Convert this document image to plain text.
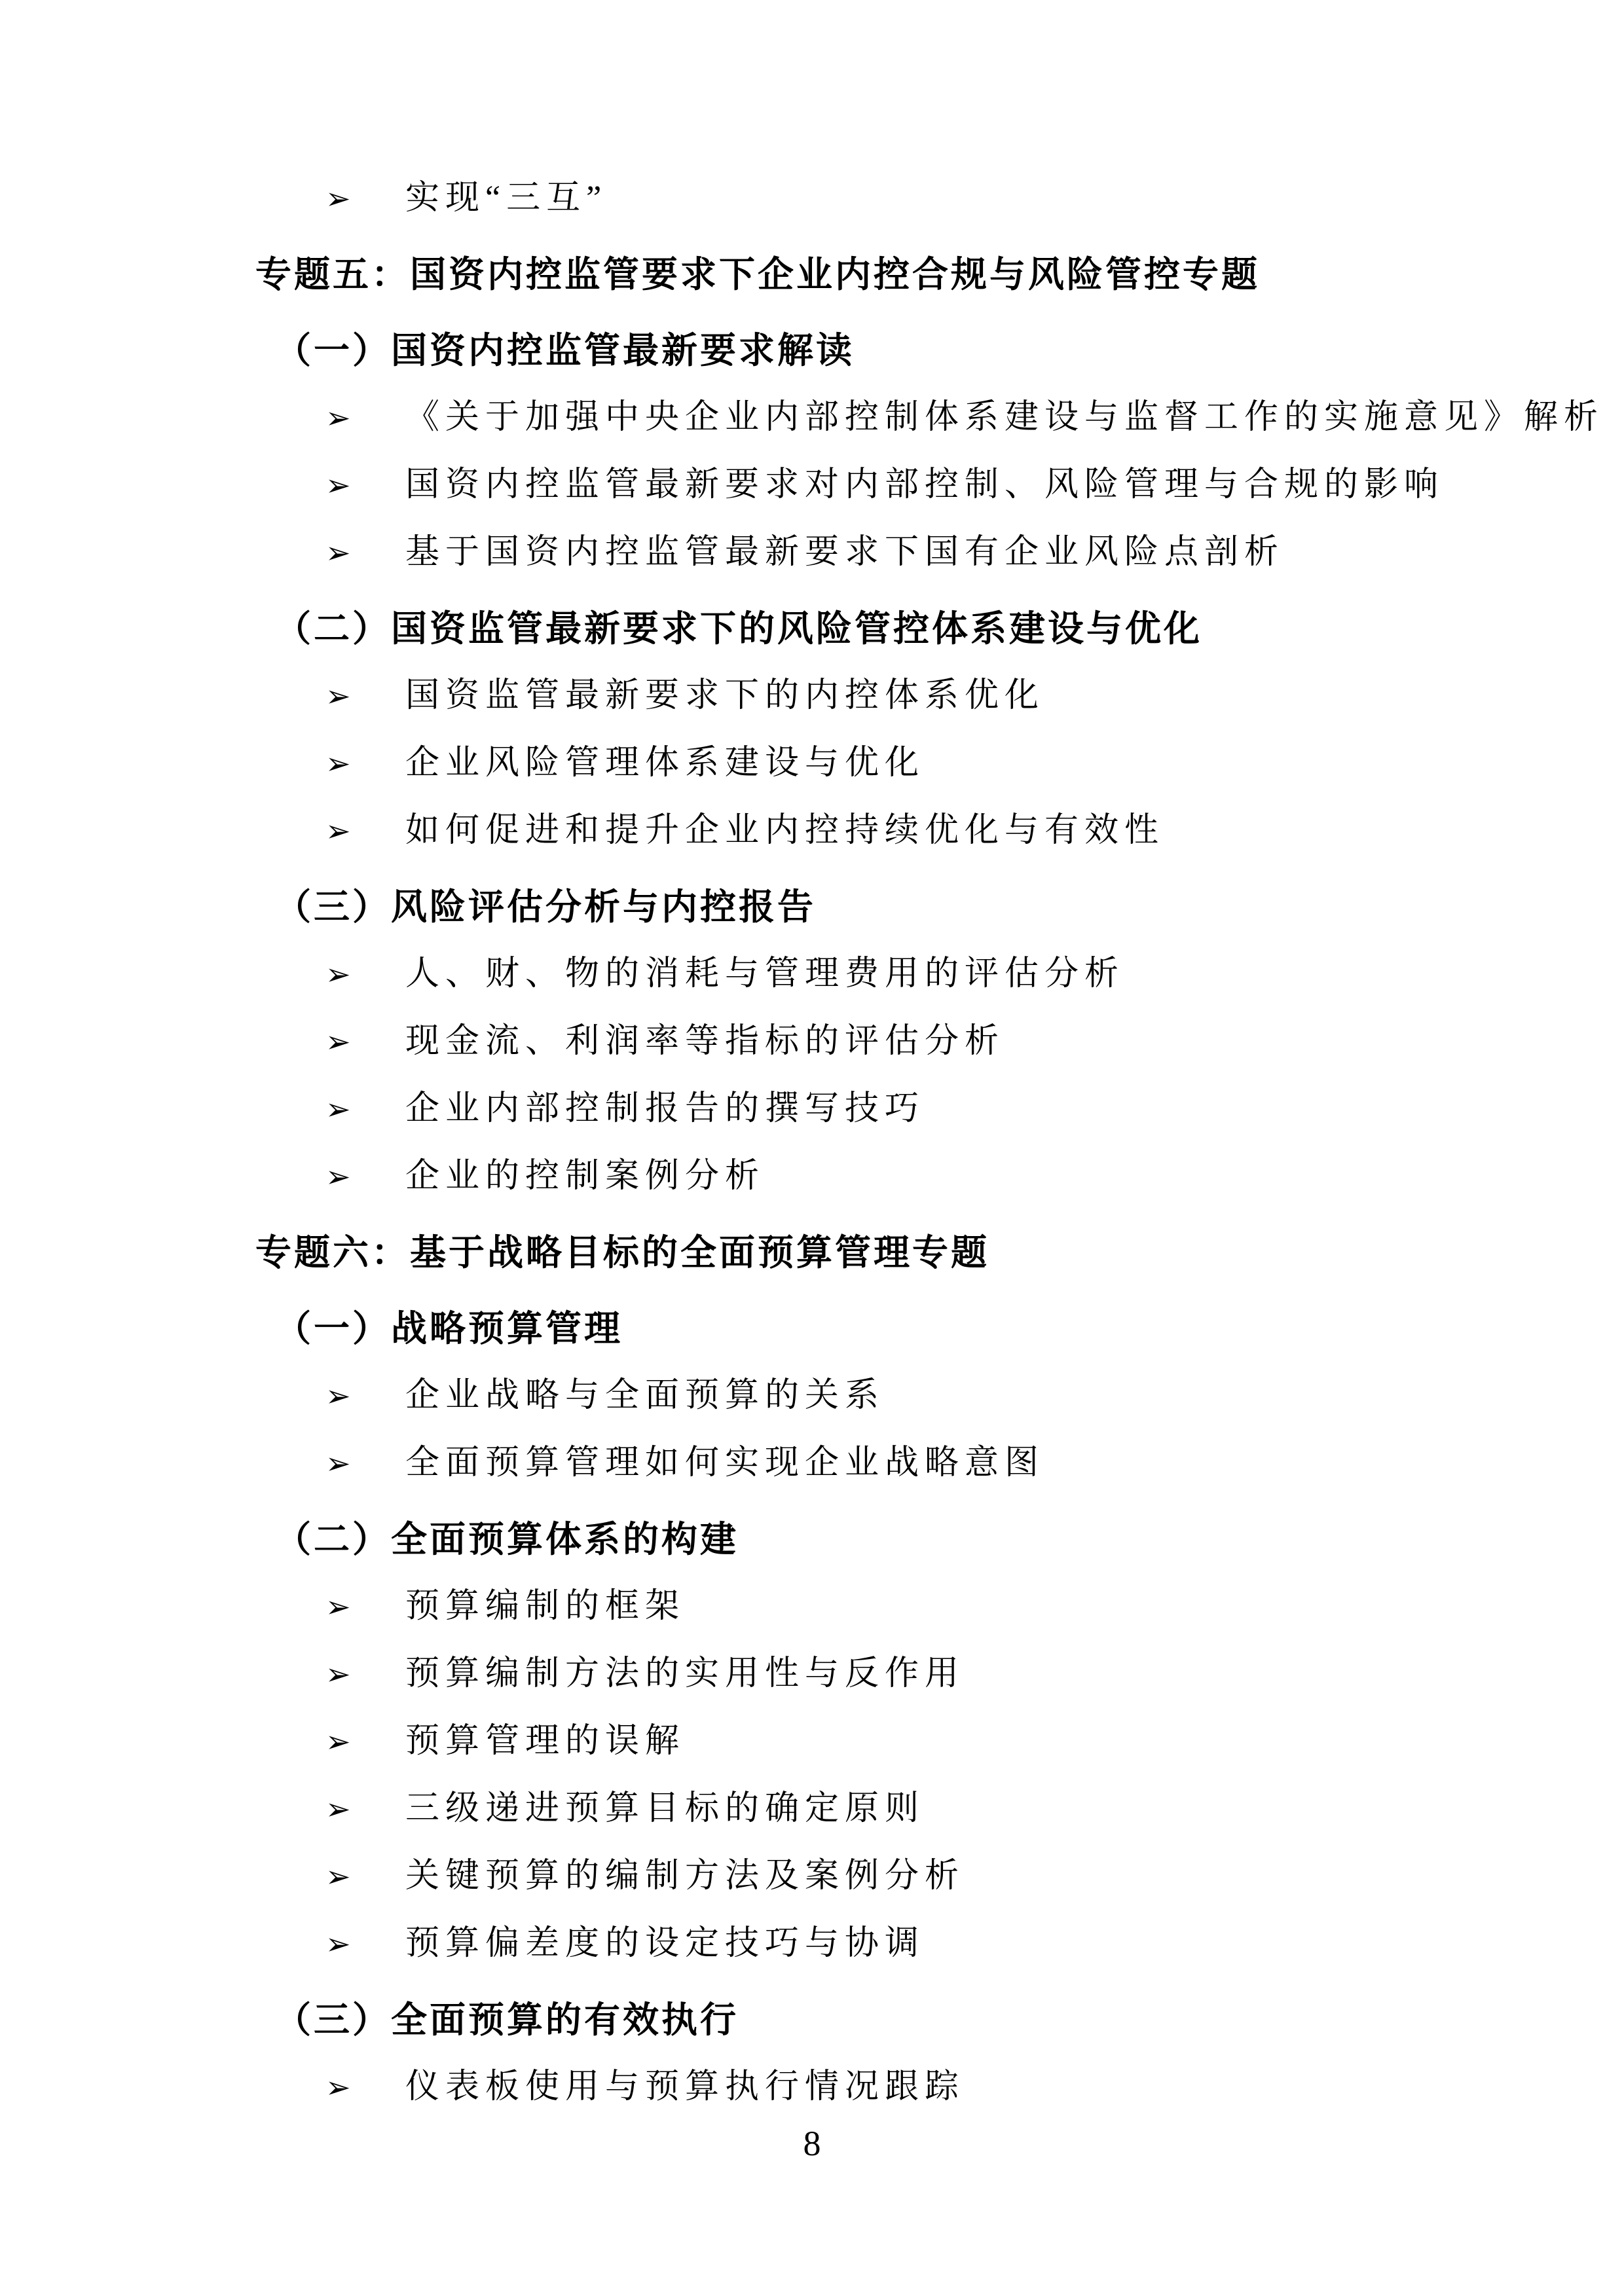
➢ 实现“三互”
专题五：国资内控监管要求下企业内控合规与风险管控专题
（一）国资内控监管最新要求解读
➢ 《关于加强中央企业内部控制体系建设与监督工作的实施意见》解析
➢ 国资内控监管最新要求对内部控制、风险管理与合规的影响
➢ 基于国资内控监管最新要求下国有企业风险点剖析
（二）国资监管最新要求下的风险管控体系建设与优化
➢ 国资监管最新要求下的内控体系优化
➢ 企业风险管理体系建设与优化
➢ 如何促进和提升企业内控持续优化与有效性
（三）风险评估分析与内控报告
➢ 人、财、物的消耗与管理费用的评估分析
➢ 现金流、利润率等指标的评估分析
➢ 企业内部控制报告的撰写技巧
➢ 企业的控制案例分析
专题六：基于战略目标的全面预算管理专题
（一）战略预算管理
➢ 企业战略与全面预算的关系
➢ 全面预算管理如何实现企业战略意图
（二）全面预算体系的构建
➢ 预算编制的框架
➢ 预算编制方法的实用性与反作用
➢ 预算管理的误解
➢ 三级递进预算目标的确定原则
➢ 关键预算的编制方法及案例分析
➢ 预算偏差度的设定技巧与协调
（三）全面预算的有效执行
➢ 仪表板使用与预算执行情况跟踪
8
